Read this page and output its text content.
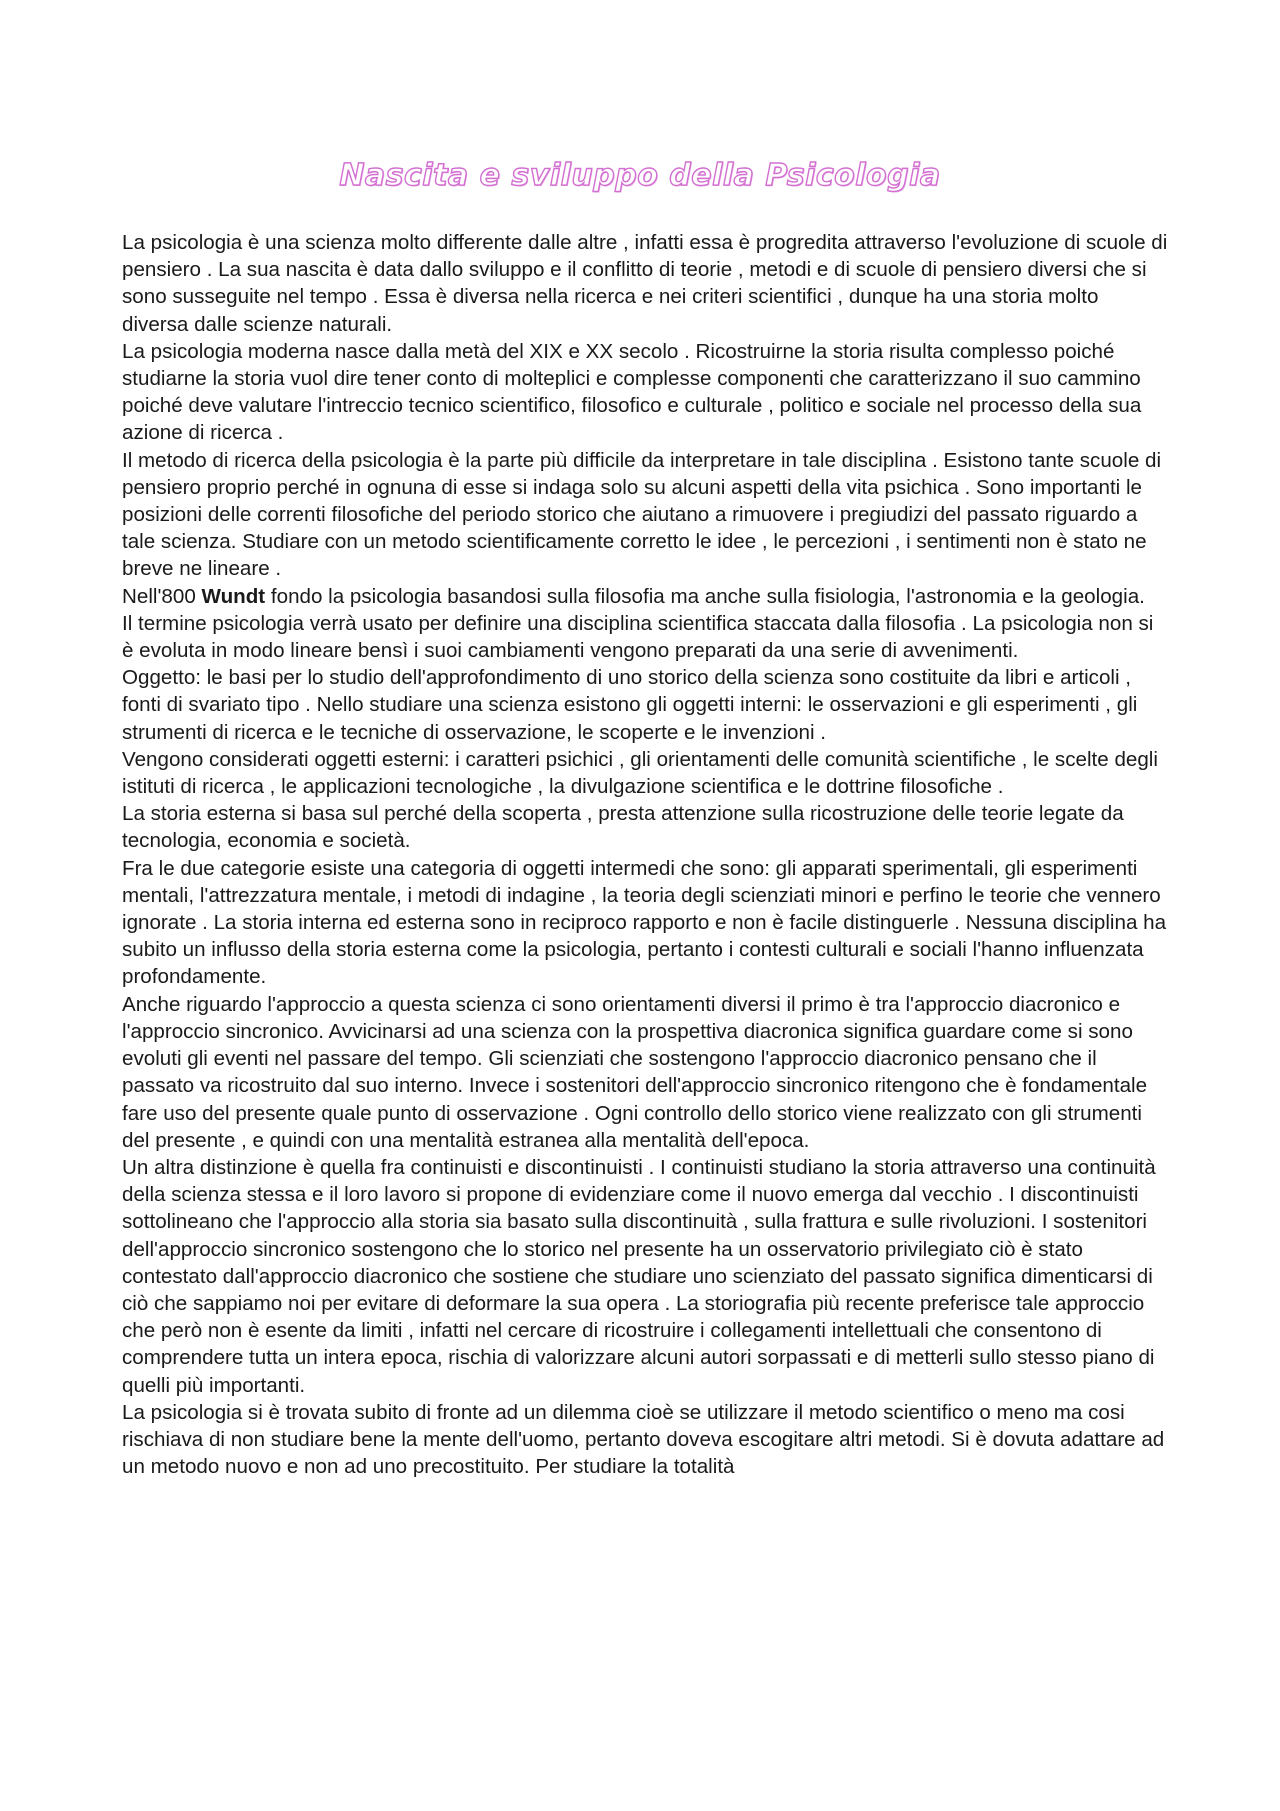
Nascita e sviluppo della Psicologia

La psicologia è una scienza molto differente dalle altre , infatti essa è progredita attraverso l'evoluzione di scuole di pensiero . La sua nascita è data dallo sviluppo e il conflitto di teorie , metodi e di scuole di pensiero diversi che si sono susseguite nel tempo . Essa è diversa nella ricerca e nei criteri scientifici , dunque ha una storia molto diversa dalle scienze naturali.

La psicologia moderna nasce dalla metà del XIX e XX secolo . Ricostruirne la storia risulta complesso poiché studiarne la storia vuol dire tener conto di molteplici e complesse componenti che caratterizzano il suo cammino poiché deve valutare l'intreccio tecnico scientifico, filosofico e culturale , politico e sociale nel processo della sua azione di ricerca .

Il metodo di ricerca della psicologia è la parte più difficile da interpretare in tale disciplina . Esistono tante scuole di pensiero proprio perché in ognuna di esse si indaga solo su alcuni aspetti della vita psichica . Sono importanti le posizioni delle correnti filosofiche del periodo storico che aiutano a rimuovere i pregiudizi del passato riguardo a tale scienza. Studiare con un metodo scientificamente corretto le idee , le percezioni , i sentimenti non è stato ne breve ne lineare .

Nell'800 Wundt fondo la psicologia basandosi sulla filosofia ma anche sulla fisiologia, l'astronomia e la geologia.

Il termine psicologia verrà usato per definire una disciplina scientifica staccata dalla filosofia . La psicologia non si è evoluta in modo lineare bensì i suoi cambiamenti vengono preparati da una serie di avvenimenti.

Oggetto: le basi per lo studio dell'approfondimento di uno storico della scienza sono costituite da libri e articoli , fonti di svariato tipo . Nello studiare una scienza esistono gli oggetti interni: le osservazioni e gli esperimenti , gli strumenti di ricerca e le tecniche di osservazione, le scoperte e le invenzioni .

Vengono considerati oggetti esterni: i caratteri psichici , gli orientamenti delle comunità scientifiche , le scelte degli istituti di ricerca , le applicazioni tecnologiche , la divulgazione scientifica e le dottrine filosofiche .

La storia esterna si basa sul perché della scoperta , presta attenzione sulla ricostruzione delle teorie legate da tecnologia, economia e società.

Fra le due categorie esiste una categoria di oggetti intermedi che sono: gli apparati sperimentali, gli esperimenti mentali, l'attrezzatura mentale, i metodi di indagine , la teoria degli scienziati minori e perfino le teorie che vennero ignorate . La storia interna ed esterna sono in reciproco rapporto e non è facile distinguerle . Nessuna disciplina ha subito un influsso della storia esterna come la psicologia, pertanto i contesti culturali e sociali l'hanno influenzata profondamente.

Anche riguardo l'approccio a questa scienza ci sono orientamenti diversi il primo è tra l'approccio diacronico e l'approccio sincronico. Avvicinarsi ad una scienza con la prospettiva diacronica significa guardare come si sono evoluti gli eventi nel passare del tempo. Gli scienziati che sostengono l'approccio diacronico pensano che il passato va ricostruito dal suo interno. Invece i sostenitori dell'approccio sincronico ritengono che è fondamentale fare uso del presente quale punto di osservazione . Ogni controllo dello storico viene realizzato con gli strumenti del presente , e quindi con una mentalità estranea alla mentalità dell'epoca.

Un altra distinzione è quella fra continuisti e discontinuisti . I continuisti studiano la storia attraverso una continuità della scienza stessa e il loro lavoro si propone di evidenziare come il nuovo emerga dal vecchio . I discontinuisti sottolineano che l'approccio alla storia sia basato sulla discontinuità , sulla frattura e sulle rivoluzioni. I sostenitori dell'approccio sincronico sostengono che lo storico nel presente ha un osservatorio privilegiato ciò è stato contestato dall'approccio diacronico che sostiene che studiare uno scienziato del passato significa dimenticarsi di ciò che sappiamo noi per evitare di deformare la sua opera . La storiografia più recente preferisce tale approccio che però non è esente da limiti , infatti nel cercare di ricostruire i collegamenti intellettuali che consentono di comprendere tutta un intera epoca, rischia di valorizzare alcuni autori sorpassati e di metterli sullo stesso piano di quelli più importanti.

La psicologia si è trovata subito di fronte ad un dilemma cioè se utilizzare il metodo scientifico o meno ma cosi rischiava di non studiare bene la mente dell'uomo, pertanto doveva escogitare altri metodi. Si è dovuta adattare ad un metodo nuovo e non ad uno precostituito. Per studiare la totalità
